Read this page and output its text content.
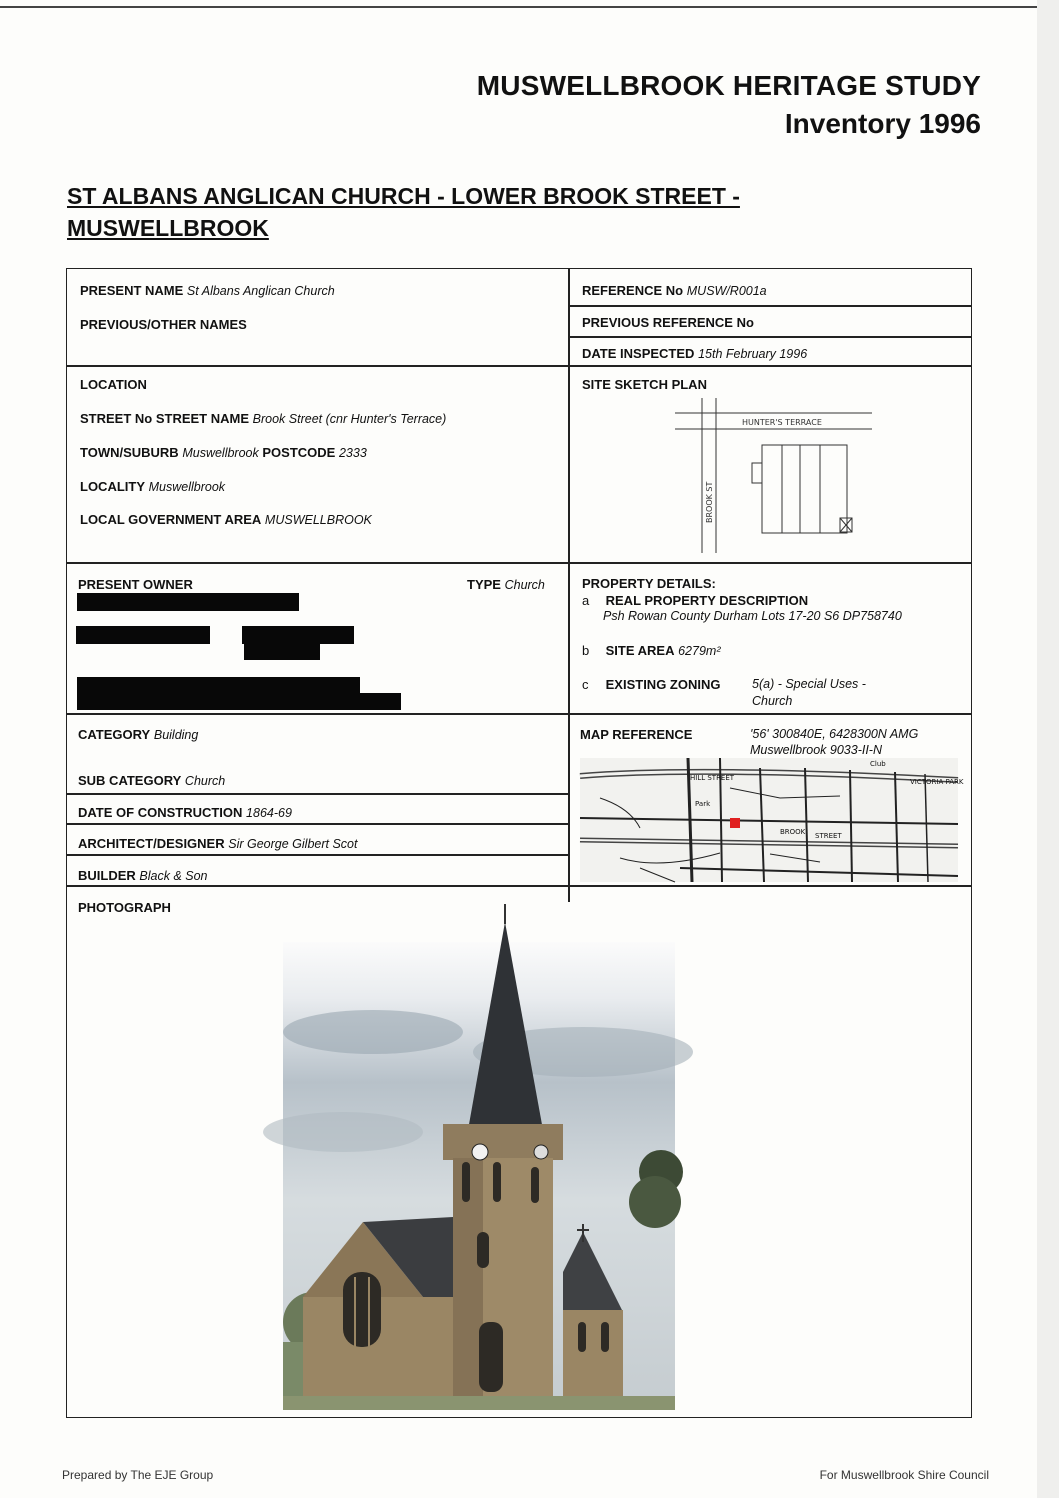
MUSWELLBROOK HERITAGE STUDY
Inventory 1996
ST ALBANS ANGLICAN CHURCH - LOWER BROOK STREET - MUSWELLBROOK
PRESENT NAME St Albans Anglican Church
PREVIOUS/OTHER NAMES
LOCATION
STREET No STREET NAME Brook Street (cnr Hunter's Terrace)
TOWN/SUBURB Muswellbrook POSTCODE 2333
LOCALITY Muswellbrook
LOCAL GOVERNMENT AREA MUSWELLBROOK
PRESENT OWNER	TYPE Church
CATEGORY Building
SUB CATEGORY Church
DATE OF CONSTRUCTION 1864-69
ARCHITECT/DESIGNER Sir George Gilbert Scot
BUILDER Black & Son
REFERENCE No MUSW/R001a
PREVIOUS REFERENCE No
DATE INSPECTED 15th February 1996
SITE SKETCH PLAN
HUNTER'S TERRACE
BROOK ST
PROPERTY DETAILS:
a REAL PROPERTY DESCRIPTION
Psh Rowan County Durham Lots 17-20 S6 DP758740
b SITE AREA 6279m²
c EXISTING ZONING	5(a) - Special Uses -
Church
MAP REFERENCE	'56' 300840E, 6428300N AMG
Muswellbrook 9033-II-N
HILL STREET
BROOK STREET
VICTORIA PARK
Park
Club
PHOTOGRAPH
Prepared by The EJE Group	For Muswellbrook Shire Council
